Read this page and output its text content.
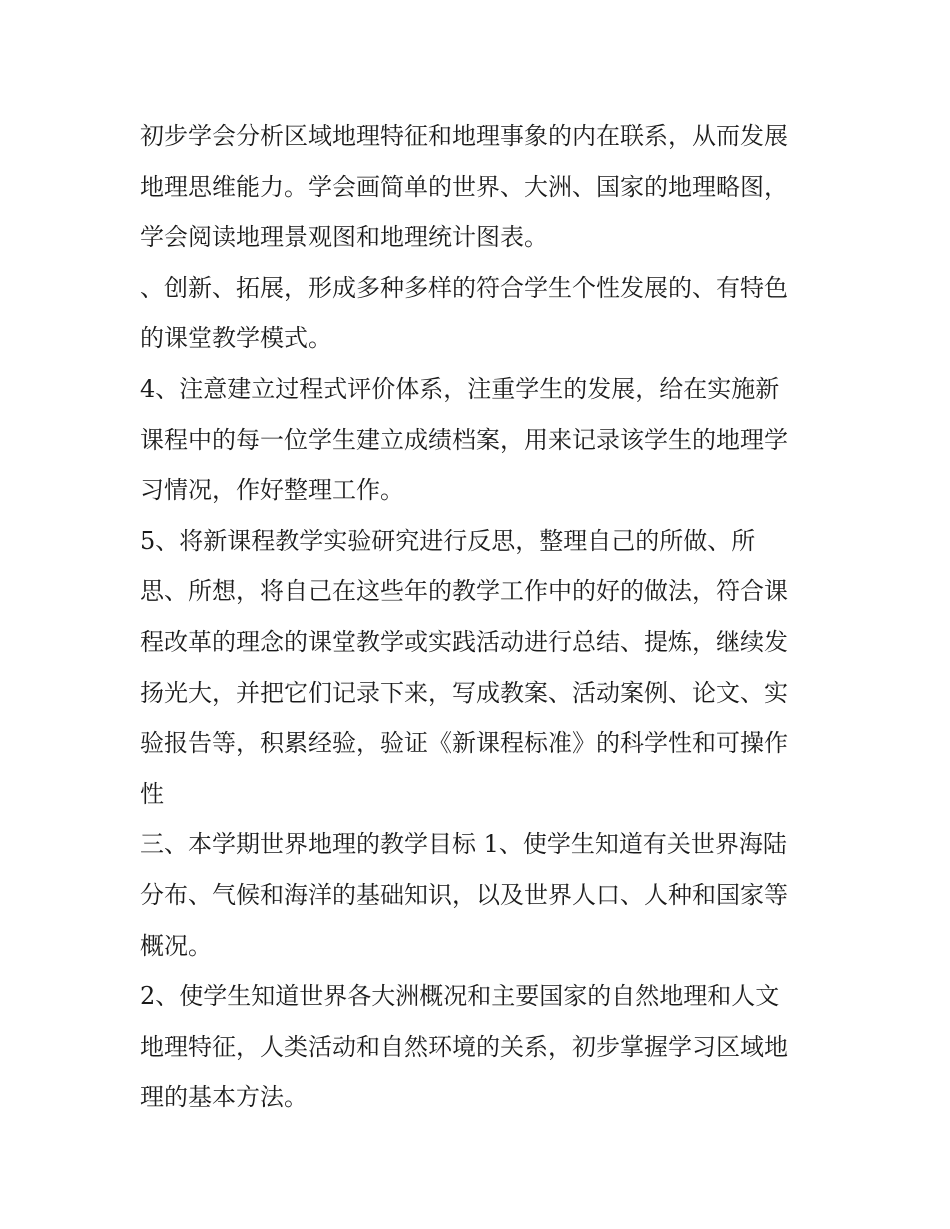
初步学会分析区域地理特征和地理事象的内在联系，从而发展
地理思维能力。学会画简单的世界、大洲、国家的地理略图，
学会阅读地理景观图和地理统计图表。
、创新、拓展，形成多种多样的符合学生个性发展的、有特色
的课堂教学模式。
4、注意建立过程式评价体系，注重学生的发展，给在实施新
课程中的每一位学生建立成绩档案，用来记录该学生的地理学
习情况，作好整理工作。
5、将新课程教学实验研究进行反思，整理自己的所做、所
思、所想，将自己在这些年的教学工作中的好的做法，符合课
程改革的理念的课堂教学或实践活动进行总结、提炼，继续发
扬光大，并把它们记录下来，写成教案、活动案例、论文、实
验报告等，积累经验，验证《新课程标准》的科学性和可操作
性
三、本学期世界地理的教学目标 1、使学生知道有关世界海陆
分布、气候和海洋的基础知识，以及世界人口、人种和国家等
概况。
2、使学生知道世界各大洲概况和主要国家的自然地理和人文
地理特征，人类活动和自然环境的关系，初步掌握学习区域地
理的基本方法。
